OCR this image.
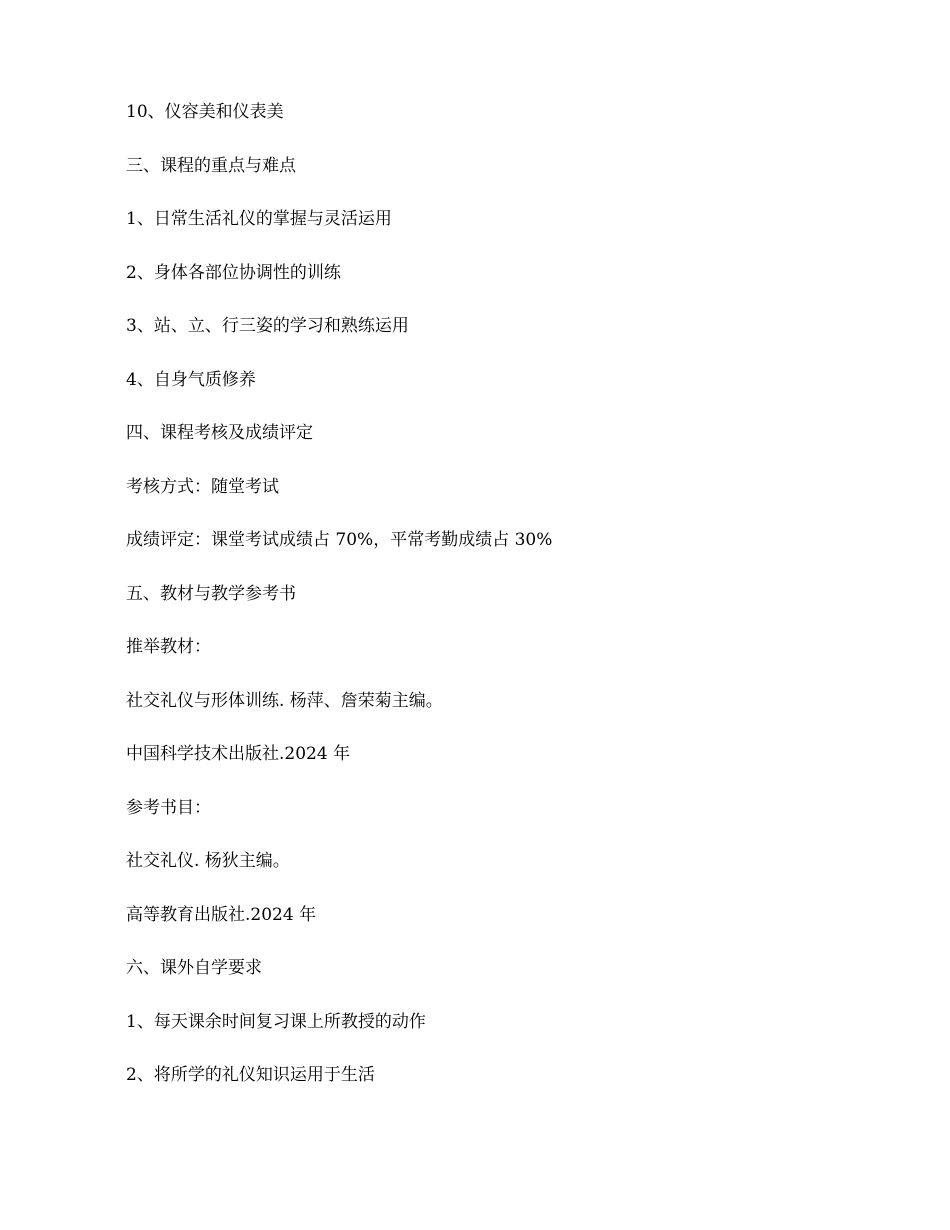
10、仪容美和仪表美

三、课程的重点与难点

1、日常生活礼仪的掌握与灵活运用

2、身体各部位协调性的训练

3、站、立、行三姿的学习和熟练运用

4、自身气质修养

四、课程考核及成绩评定

考核方式：随堂考试

成绩评定：课堂考试成绩占 70%，平常考勤成绩占 30%

五、教材与教学参考书

推举教材：

社交礼仪与形体训练. 杨萍、詹荣菊主编。

中国科学技术出版社.2024 年

参考书目：

社交礼仪. 杨狄主编。

高等教育出版社.2024 年

六、课外自学要求

1、每天课余时间复习课上所教授的动作

2、将所学的礼仪知识运用于生活
